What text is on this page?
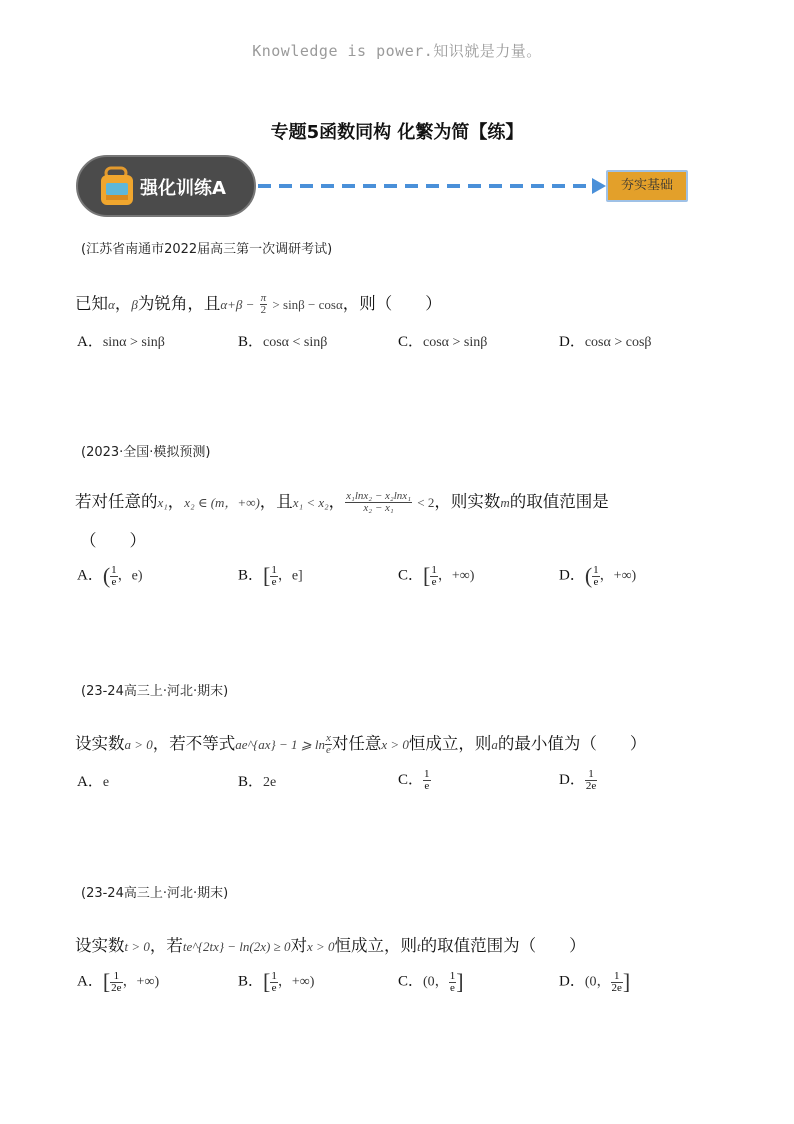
Knowledge is power.知识就是力量。
专题5函数同构 化繁为简【练】
强化训练A	夯实基础
(江苏省南通市2022届高三第一次调研考试)
已知α，β为锐角，且$\alpha+\beta - \frac{\pi}{2} > \sin\beta - \cos\alpha$，则（　　）
A．sinα > sinβ	B．cosα < sinβ	C．cosα > sinβ	D．cosα > cosβ
(2023·全国·模拟预测)
若对任意的x₁，x₂ ∈ (m，+∞)，且x₁ < x₂， $\frac{\text{x₁lnx₂ − x₂lnx₁}}{\text{x₂ − x₁}} < 2$，则实数m的取值范围是
（　　）
A．( $\frac{1}{e}$ ，e)	B．[ $\frac{1}{e}$ ，e]	C．[ $\frac{1}{e}$ ，+∞)	D．( $\frac{1}{e}$ ，+∞)
(23-24高三上·河北·期末)
设实数a > 0，若不等式ae^{ax} − 1 ⩾ $\ln \frac{x}{e}$ 对任意x > 0恒成立，则a的最小值为（　　）
A．e	B．2e	C． $\frac{1}{e}$	D． $\frac{1}{2e}$
(23-24高三上·河北·期末)
设实数t > 0，若te^{2tx} − ln(2x) ≥ 0对x > 0恒成立，则t的取值范围为（　　）
A．[ $\frac{1}{2e}$ ，+∞)	B．[ $\frac{1}{e}$ ，+∞)	C．(0， $\frac{1}{e}$ ]	D．(0， $\frac{1}{2e}$ ]
